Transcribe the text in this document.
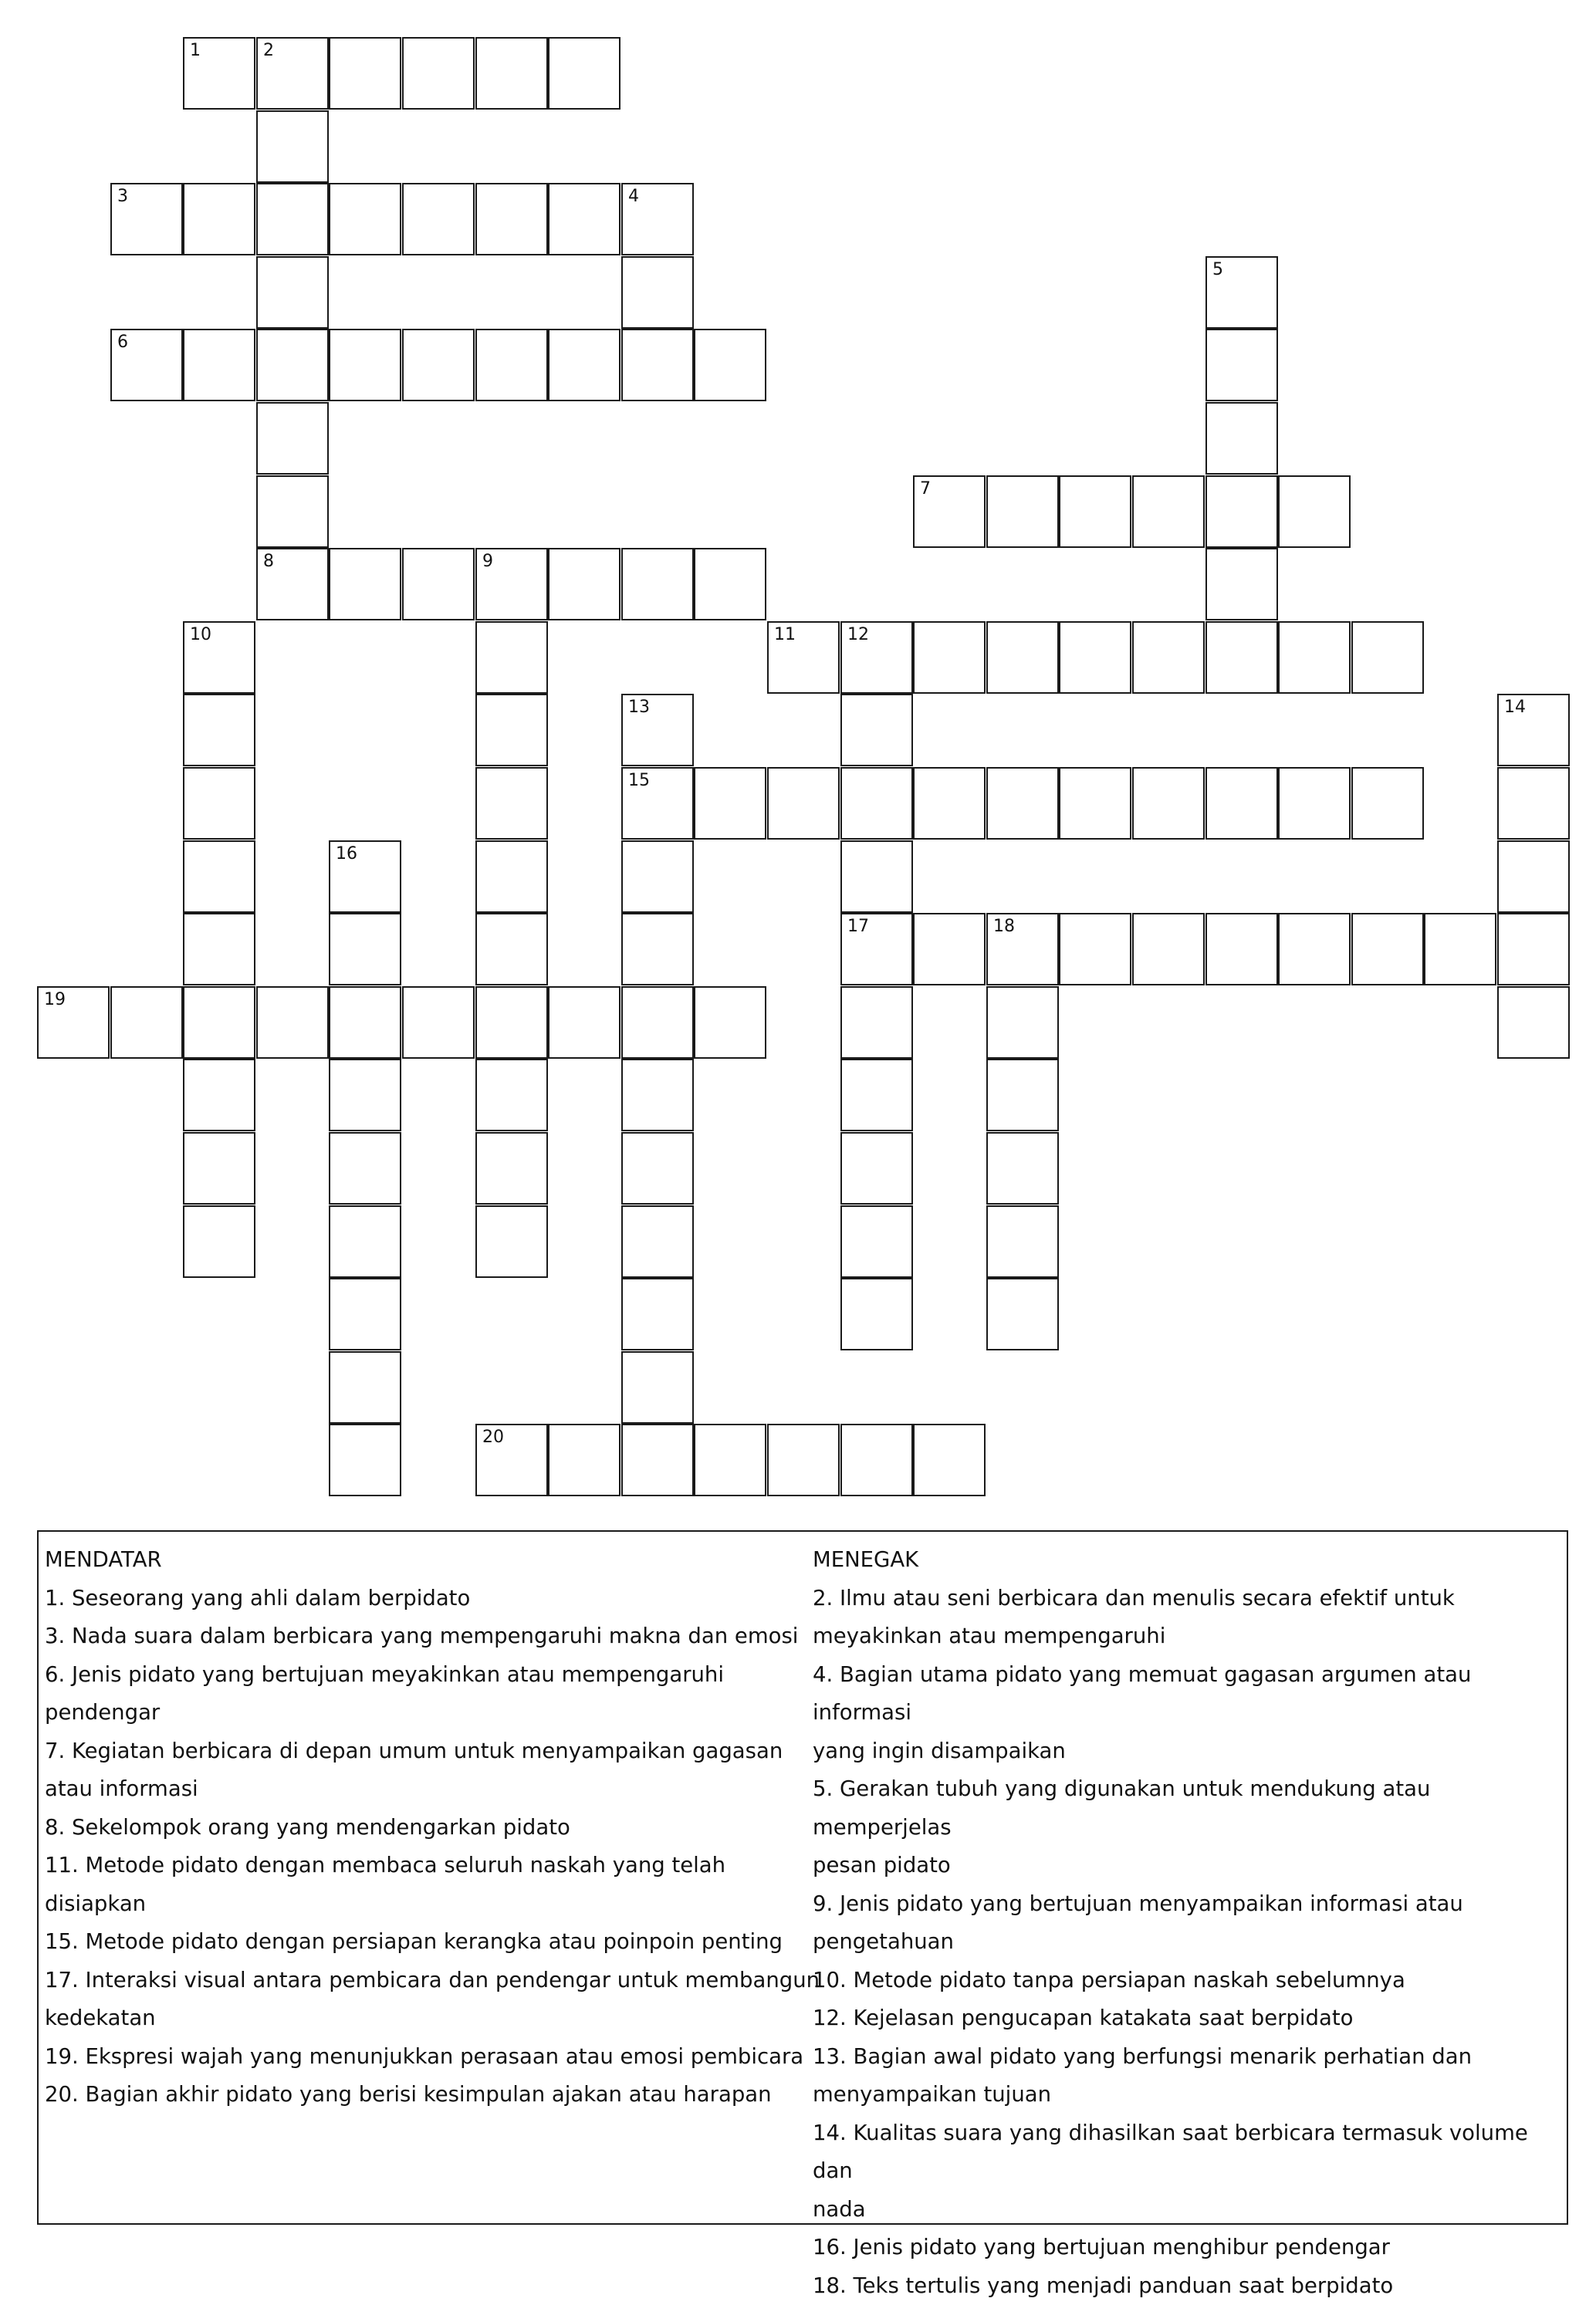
1	2
3	4
5
6
7
8	9
10	11	12
13	14
15
16
17	18
19
20
MENDATAR
1. Seseorang yang ahli dalam berpidato
3. Nada suara dalam berbicara yang mempengaruhi makna dan emosi
6. Jenis pidato yang bertujuan meyakinkan atau mempengaruhi
pendengar
7. Kegiatan berbicara di depan umum untuk menyampaikan gagasan
atau informasi
8. Sekelompok orang yang mendengarkan pidato
11. Metode pidato dengan membaca seluruh naskah yang telah
disiapkan
15. Metode pidato dengan persiapan kerangka atau poinpoin penting
17. Interaksi visual antara pembicara dan pendengar untuk membangun
kedekatan
19. Ekspresi wajah yang menunjukkan perasaan atau emosi pembicara
20. Bagian akhir pidato yang berisi kesimpulan ajakan atau harapan
MENEGAK
2. Ilmu atau seni berbicara dan menulis secara efektif untuk
meyakinkan atau mempengaruhi
4. Bagian utama pidato yang memuat gagasan argumen atau informasi
yang ingin disampaikan
5. Gerakan tubuh yang digunakan untuk mendukung atau memperjelas
pesan pidato
9. Jenis pidato yang bertujuan menyampaikan informasi atau
pengetahuan
10. Metode pidato tanpa persiapan naskah sebelumnya
12. Kejelasan pengucapan katakata saat berpidato
13. Bagian awal pidato yang berfungsi menarik perhatian dan
menyampaikan tujuan
14. Kualitas suara yang dihasilkan saat berbicara termasuk volume dan
nada
16. Jenis pidato yang bertujuan menghibur pendengar
18. Teks tertulis yang menjadi panduan saat berpidato
